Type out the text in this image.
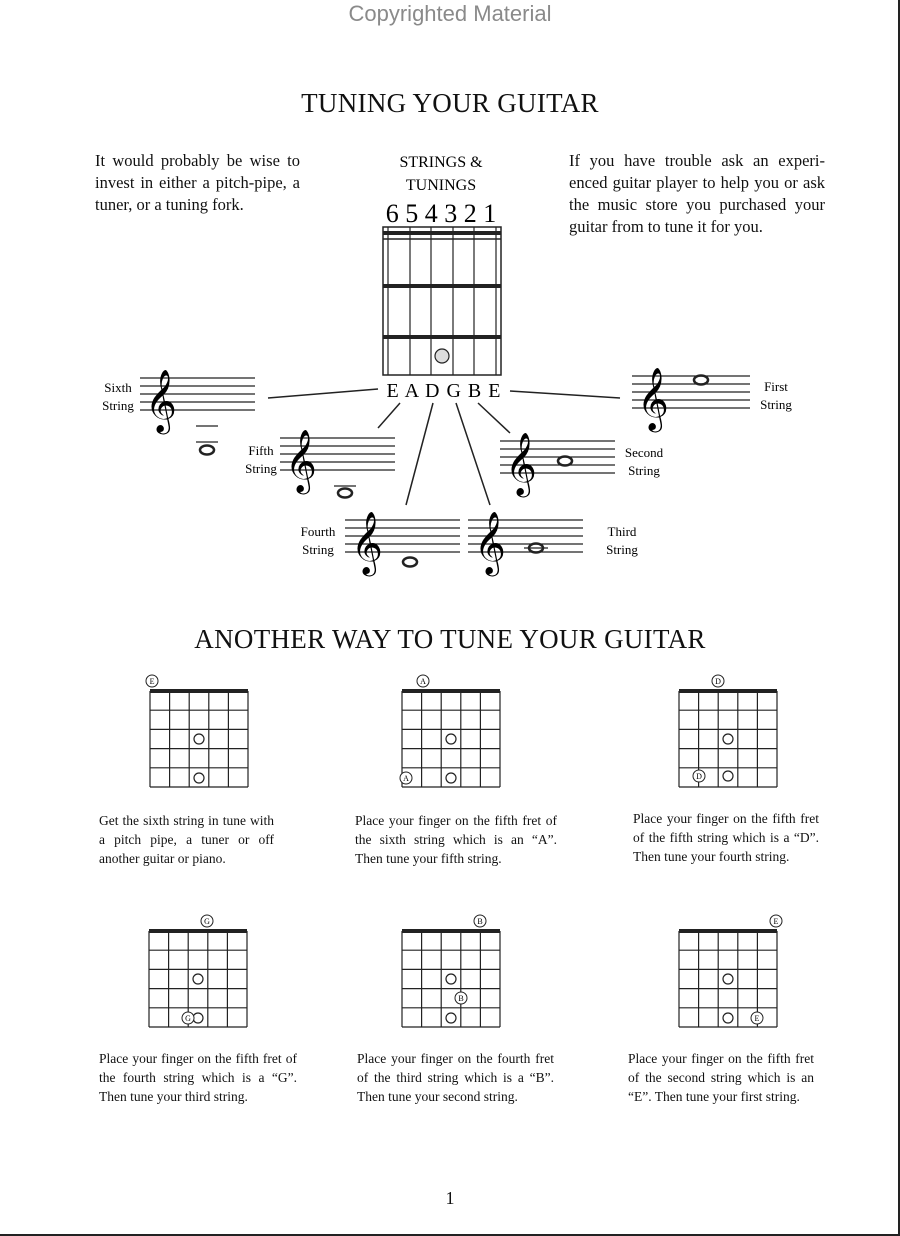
Copyrighted Material
TUNING YOUR GUITAR
It would probably be wise to invest in either a pitch-pipe, a tuner, or a tuning fork.
If you have trouble ask an experi-enced guitar player to help you or ask the music store you purchased your guitar from to tune it for you.
STRINGS &
TUNINGS
6 5 4 3 2 1
E A D G B E
𝄞
Sixth
String
𝄞
Fifth
String
𝄞
Fourth
String	𝄞	Third
String
𝄞	Second
String
𝄞	First
String
ANOTHER WAY TO TUNE YOUR GUITAR
E	A
A
D
D
G
G
B
B
E
E
Get the sixth string in tune with a pitch pipe, a tuner or off another guitar or piano.
Place your finger on the fifth fret of the sixth string which is an “A”. Then tune your fifth string.
Place your finger on the fifth fret of the fifth string which is a “D”. Then tune your fourth string.
Place your finger on the fifth fret of the fourth string which is a “G”. Then tune your third string.
Place your finger on the fourth fret of the third string which is a “B”. Then tune your second string.
Place your finger on the fifth fret of the second string which is an “E”. Then tune your first string.
1
